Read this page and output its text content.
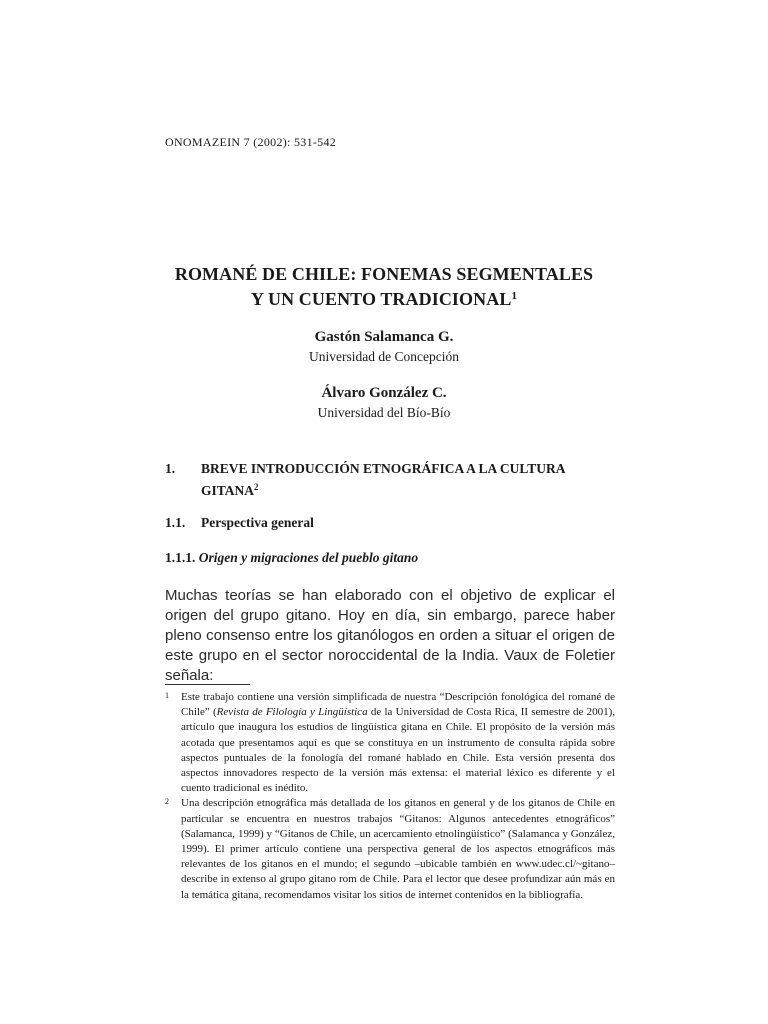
ONOMAZEIN 7 (2002): 531-542
ROMANÉ DE CHILE: FONEMAS SEGMENTALES
Y UN CUENTO TRADICIONAL$^1$
Gastón Salamanca G.
Universidad de Concepción
Álvaro González C.
Universidad del Bío-Bío
1. BREVE INTRODUCCIÓN ETNOGRÁFICA A LA CULTURA GITANA$^2$
1.1. Perspectiva general
1.1.1. Origen y migraciones del pueblo gitano
Muchas teorías se han elaborado con el objetivo de explicar el origen del grupo gitano. Hoy en día, sin embargo, parece haber pleno consenso entre los gitanólogos en orden a situar el origen de este grupo en el sector noroccidental de la India. Vaux de Foletier señala:
1 Este trabajo contiene una versión simplificada de nuestra “Descripción fonológica del romané de Chile” (Revista de Filología y Lingüística de la Universidad de Costa Rica, II semestre de 2001), artículo que inaugura los estudios de lingüística gitana en Chile. El propósito de la versión más acotada que presentamos aquí es que se constituya en un instrumento de consulta rápida sobre aspectos puntuales de la fonología del romané hablado en Chile. Esta versión presenta dos aspectos innovadores respecto de la versión más extensa: el material léxico es diferente y el cuento tradicional es inédito.
2 Una descripción etnográfica más detallada de los gitanos en general y de los gitanos de Chile en particular se encuentra en nuestros trabajos “Gitanos: Algunos antecedentes etnográficos” (Salamanca, 1999) y “Gitanos de Chile, un acercamiento etnolingüístico” (Salamanca y González, 1999). El primer artículo contiene una perspectiva general de los aspectos etnográficos más relevantes de los gitanos en el mundo; el segundo –ubicable también en www.udec.cl/~gitano– describe in extenso al grupo gitano rom de Chile. Para el lector que desee profundizar aún más en la temática gitana, recomendamos visitar los sitios de internet contenidos en la bibliografía.
